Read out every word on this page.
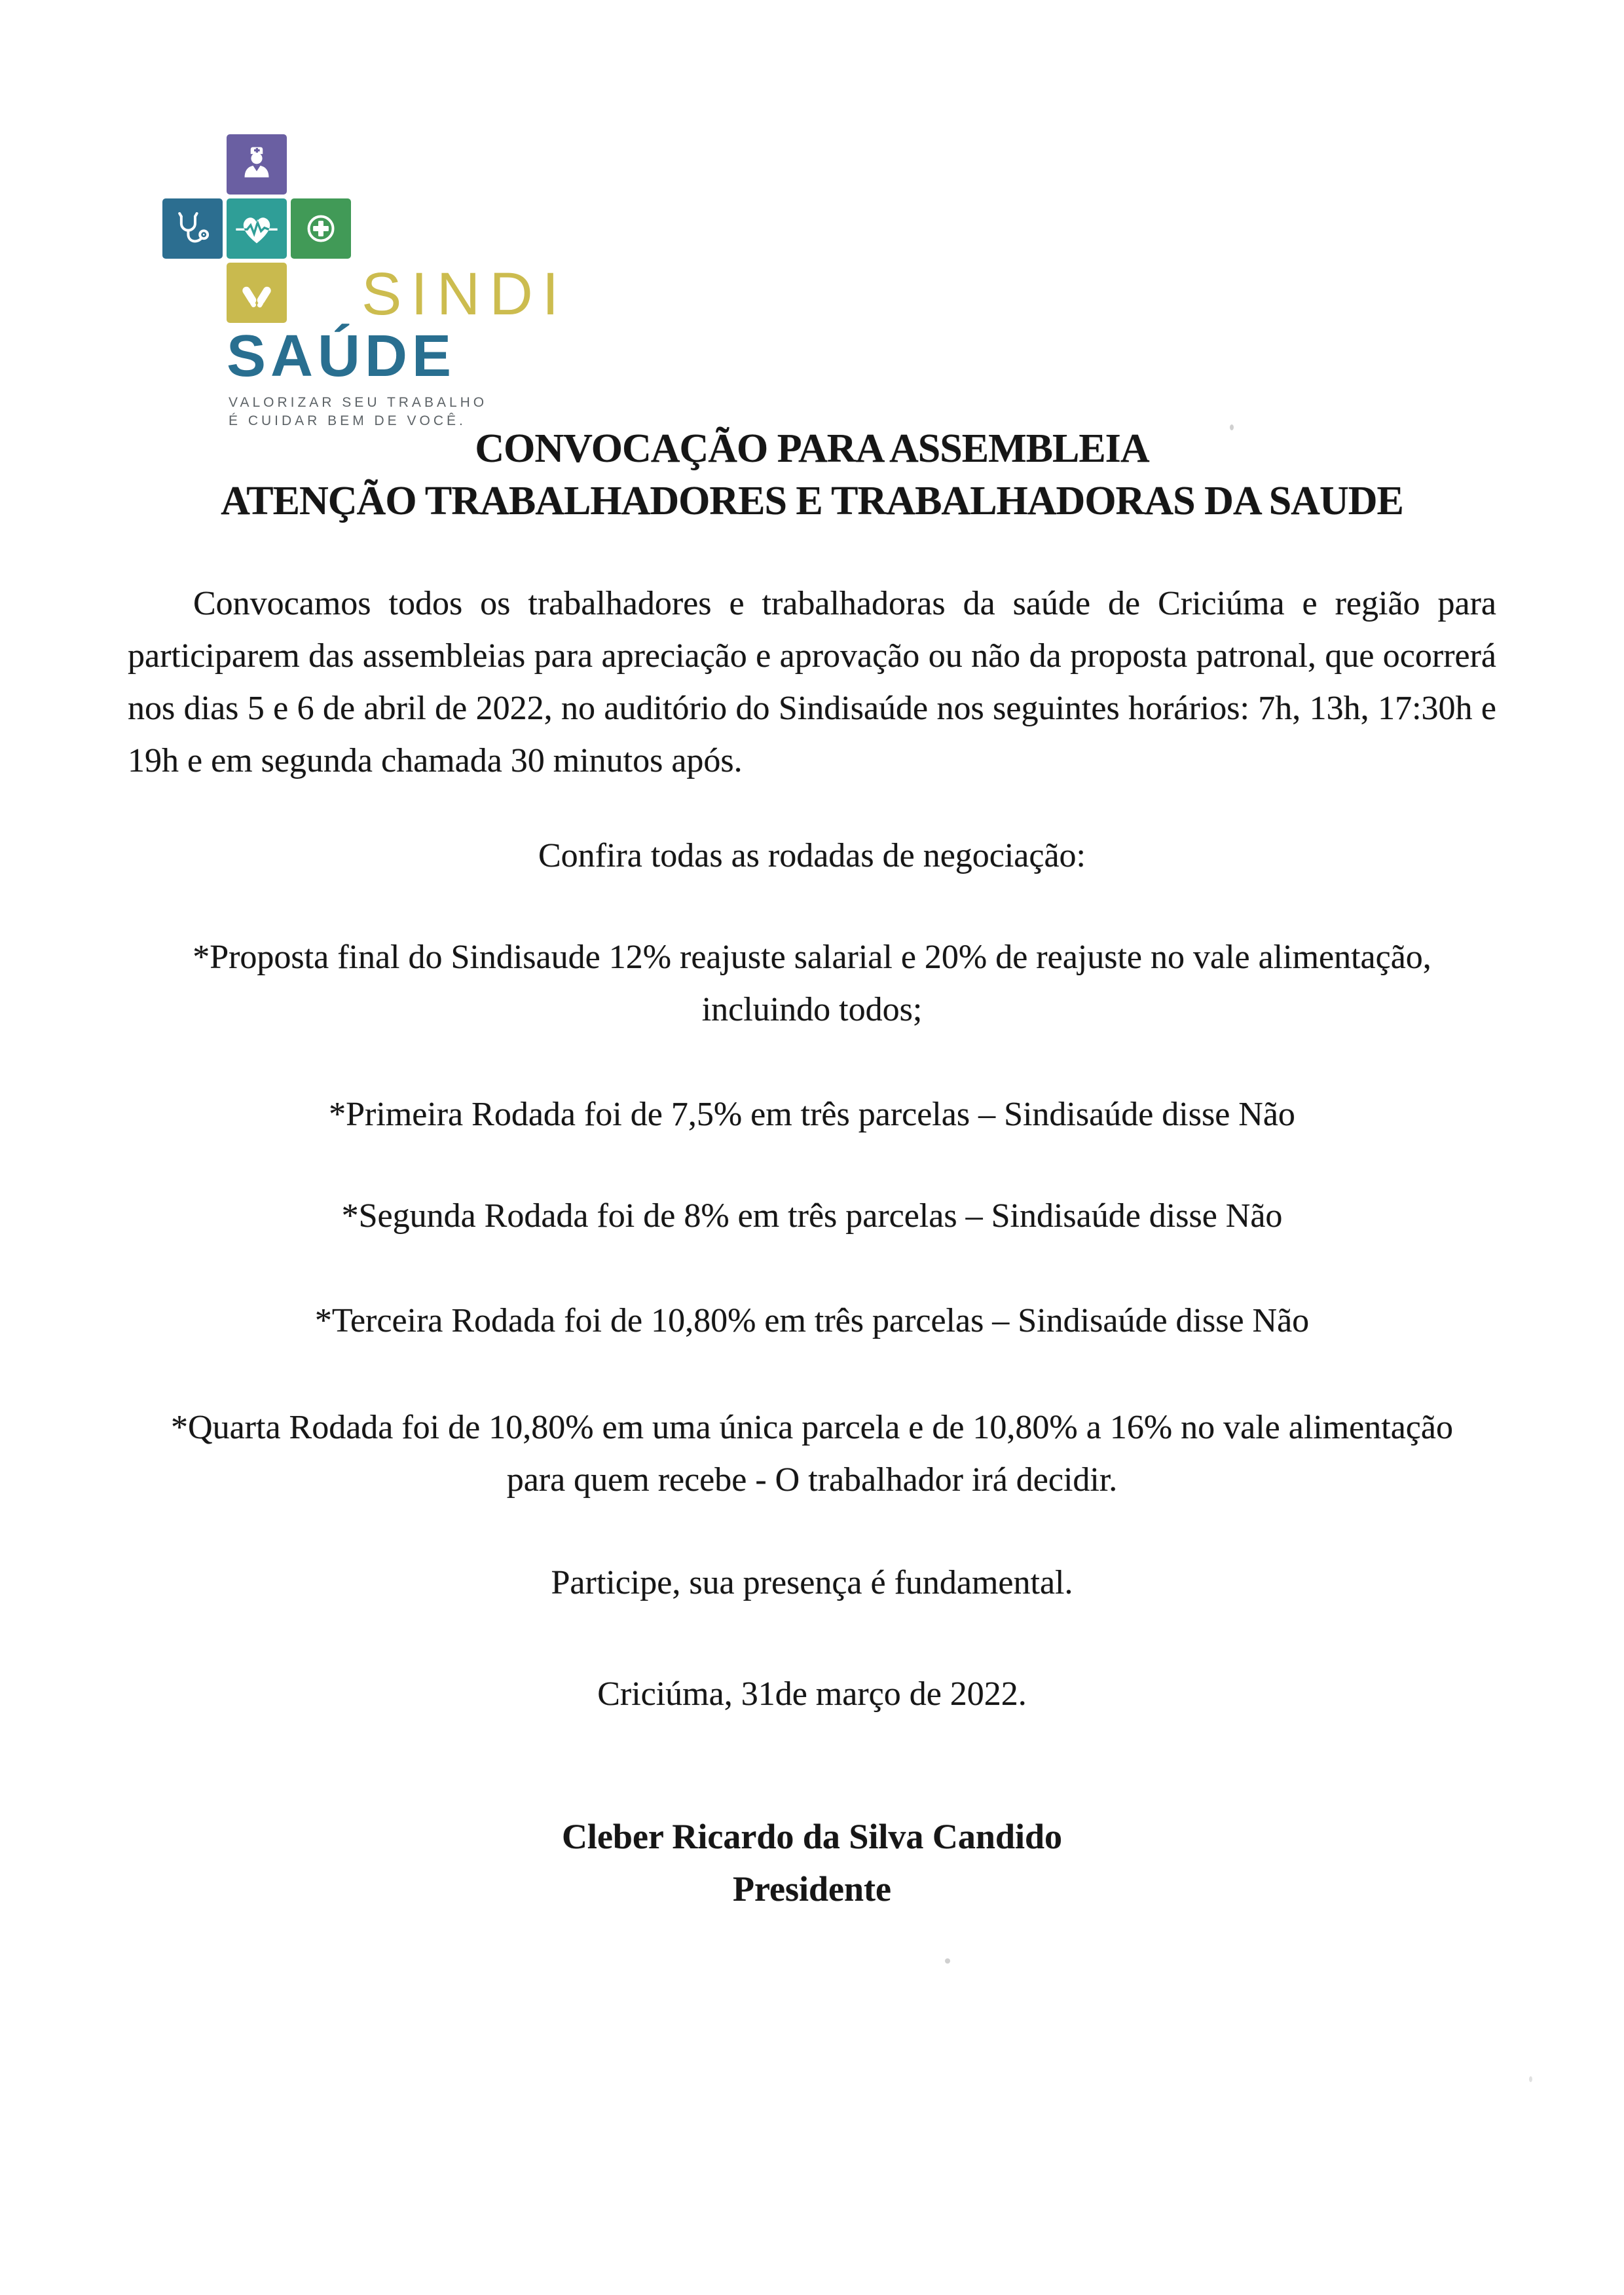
SINDI
SAÚDE
VALORIZAR SEU TRABALHO
É CUIDAR BEM DE VOCÊ.
CONVOCAÇÃO PARA ASSEMBLEIA
ATENÇÃO TRABALHADORES E TRABALHADORAS DA SAUDE

Convocamos todos os trabalhadores e trabalhadoras da saúde de Criciúma e região para participarem das assembleias para apreciação e aprovação ou não da proposta patronal, que ocorrerá nos dias 5 e 6 de abril de 2022, no auditório do Sindisaúde nos seguintes horários: 7h, 13h, 17:30h e 19h e em segunda chamada 30 minutos após.

Confira todas as rodadas de negociação:
*Proposta final do Sindisaude 12% reajuste salarial e 20% de reajuste no vale alimentação, incluindo todos;
*Primeira Rodada foi de 7,5% em três parcelas – Sindisaúde disse Não
*Segunda Rodada foi de 8% em três parcelas – Sindisaúde disse Não
*Terceira Rodada foi de 10,80% em três parcelas – Sindisaúde disse Não
*Quarta Rodada foi de 10,80% em uma única parcela e de 10,80% a 16% no vale alimentação para quem recebe - O trabalhador irá decidir.
Participe, sua presença é fundamental.
Criciúma, 31de março de 2022.
Cleber Ricardo da Silva Candido
Presidente
